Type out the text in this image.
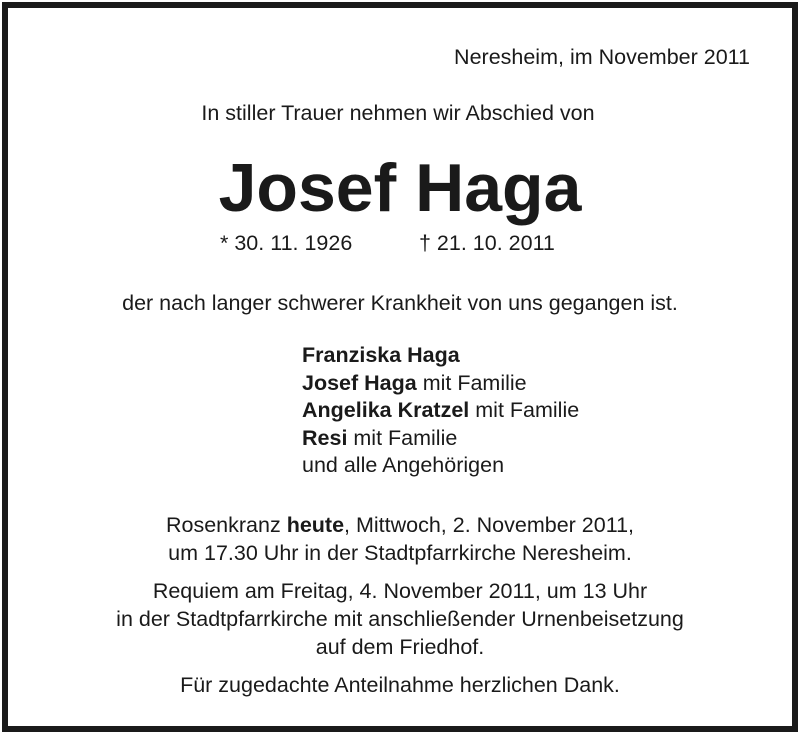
Neresheim, im November 2011
In stiller Trauer nehmen wir Abschied von
Josef Haga
* 30. 11. 1926	† 21. 10. 2011
der nach langer schwerer Krankheit von uns gegangen ist.
Franziska Haga
Josef Haga mit Familie
Angelika Kratzel mit Familie
Resi mit Familie
und alle Angehörigen
Rosenkranz heute, Mittwoch, 2. November 2011,
um 17.30 Uhr in der Stadtpfarrkirche Neresheim.
Requiem am Freitag, 4. November 2011, um 13 Uhr
in der Stadtpfarrkirche mit anschließender Urnenbeisetzung
auf dem Friedhof.
Für zugedachte Anteilnahme herzlichen Dank.
